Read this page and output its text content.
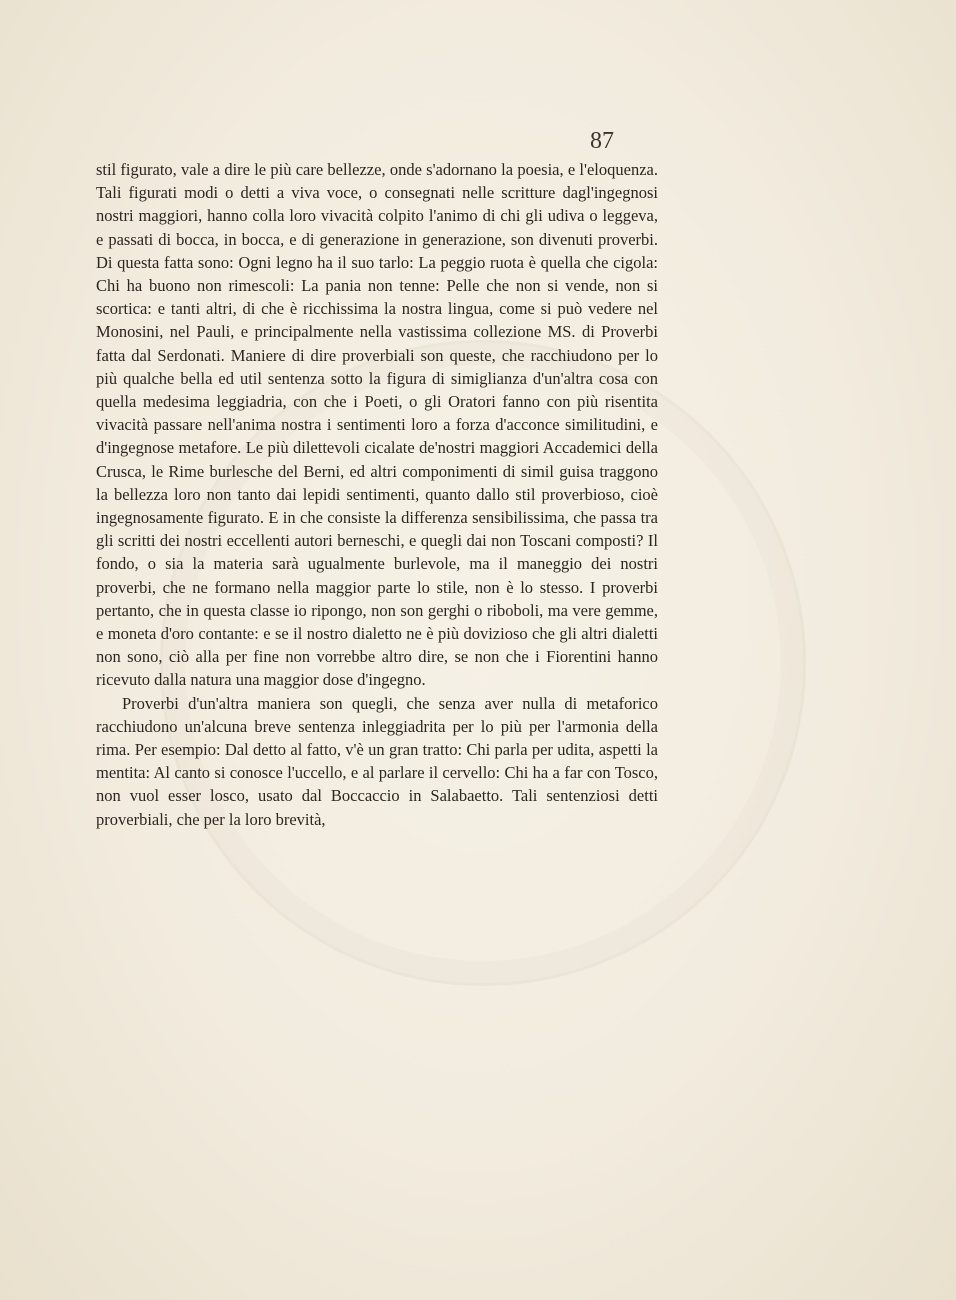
87

stil figurato, vale a dire le più care bellezze, onde s'adornano la poesia, e l'eloquenza. Tali figurati modi o detti a viva voce, o consegnati nelle scritture dagl'ingegnosi nostri maggiori, hanno colla loro vivacità colpito l'animo di chi gli udiva o leggeva, e passati di bocca, in bocca, e di generazione in generazione, son divenuti proverbi. Di questa fatta sono: Ogni legno ha il suo tarlo: La peggio ruota è quella che cigola: Chi ha buono non rimescoli: La pania non tenne: Pelle che non si vende, non si scortica: e tanti altri, di che è ricchissima la nostra lingua, come si può vedere nel Monosini, nel Pauli, e principalmente nella vastissima collezione MS. di Proverbi fatta dal Serdonati. Maniere di dire proverbiali son queste, che racchiudono per lo più qualche bella ed util sentenza sotto la figura di simiglianza d'un'altra cosa con quella medesima leggiadria, con che i Poeti, o gli Oratori fanno con più risentita vivacità passare nell'anima nostra i sentimenti loro a forza d'acconce similitudini, e d'ingegnose metafore. Le più dilettevoli cicalate de'nostri maggiori Accademici della Crusca, le Rime burlesche del Berni, ed altri componimenti di simil guisa traggono la bellezza loro non tanto dai lepidi sentimenti, quanto dallo stil proverbioso, cioè ingegnosamente figurato. E in che consiste la differenza sensibilissima, che passa tra gli scritti dei nostri eccellenti autori berneschi, e quegli dai non Toscani composti? Il fondo, o sia la materia sarà ugualmente burlevole, ma il maneggio dei nostri proverbi, che ne formano nella maggior parte lo stile, non è lo stesso. I proverbi pertanto, che in questa classe io ripongo, non son gerghi o riboboli, ma vere gemme, e moneta d'oro contante: e se il nostro dialetto ne è più dovizioso che gli altri dialetti non sono, ciò alla per fine non vorrebbe altro dire, se non che i Fiorentini hanno ricevuto dalla natura una maggior dose d'ingegno.

Proverbi d'un'altra maniera son quegli, che senza aver nulla di metaforico racchiudono un'alcuna breve sentenza inleggiadrita per lo più per l'armonia della rima. Per esempio: Dal detto al fatto, v'è un gran tratto: Chi parla per udita, aspetti la mentita: Al canto si conosce l'uccello, e al parlare il cervello: Chi ha a far con Tosco, non vuol esser losco, usato dal Boccaccio in Salabaetto. Tali sentenziosi detti proverbiali, che per la loro brevità,
